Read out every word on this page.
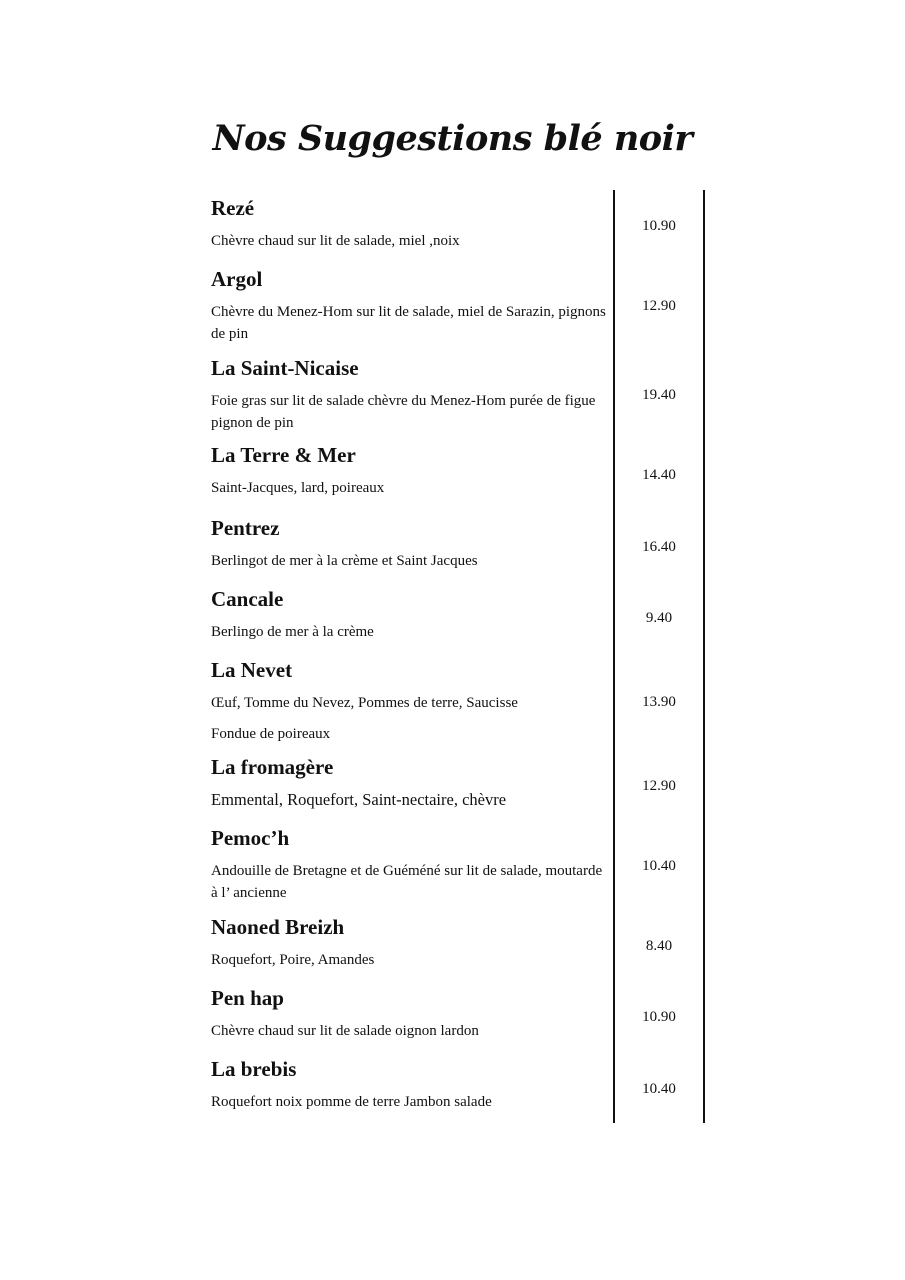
Nos Suggestions blé noir
Rezé
Chèvre chaud sur lit de salade, miel ,noix
10.90
Argol
Chèvre du Menez-Hom sur lit de salade, miel de Sarazin, pignons de pin
12.90
La Saint-Nicaise
Foie gras sur lit de salade chèvre du Menez-Hom purée de figue pignon de pin
19.40
La Terre & Mer
Saint-Jacques, lard, poireaux
14.40
Pentrez
Berlingot de mer à la crème et Saint Jacques
16.40
Cancale
Berlingo de mer à la crème
9.40
La Nevet
Œuf, Tomme du Nevez, Pommes de terre, Saucisse
Fondue de poireaux
13.90
La fromagère
Emmental, Roquefort, Saint-nectaire, chèvre
12.90
Pemoc’h
Andouille de Bretagne et de Guéméné sur lit de salade, moutarde à l’ ancienne
10.40
Naoned Breizh
Roquefort, Poire, Amandes
8.40
Pen hap
Chèvre chaud sur lit de salade oignon lardon
10.90
La brebis
Roquefort noix pomme de terre Jambon salade
10.40
